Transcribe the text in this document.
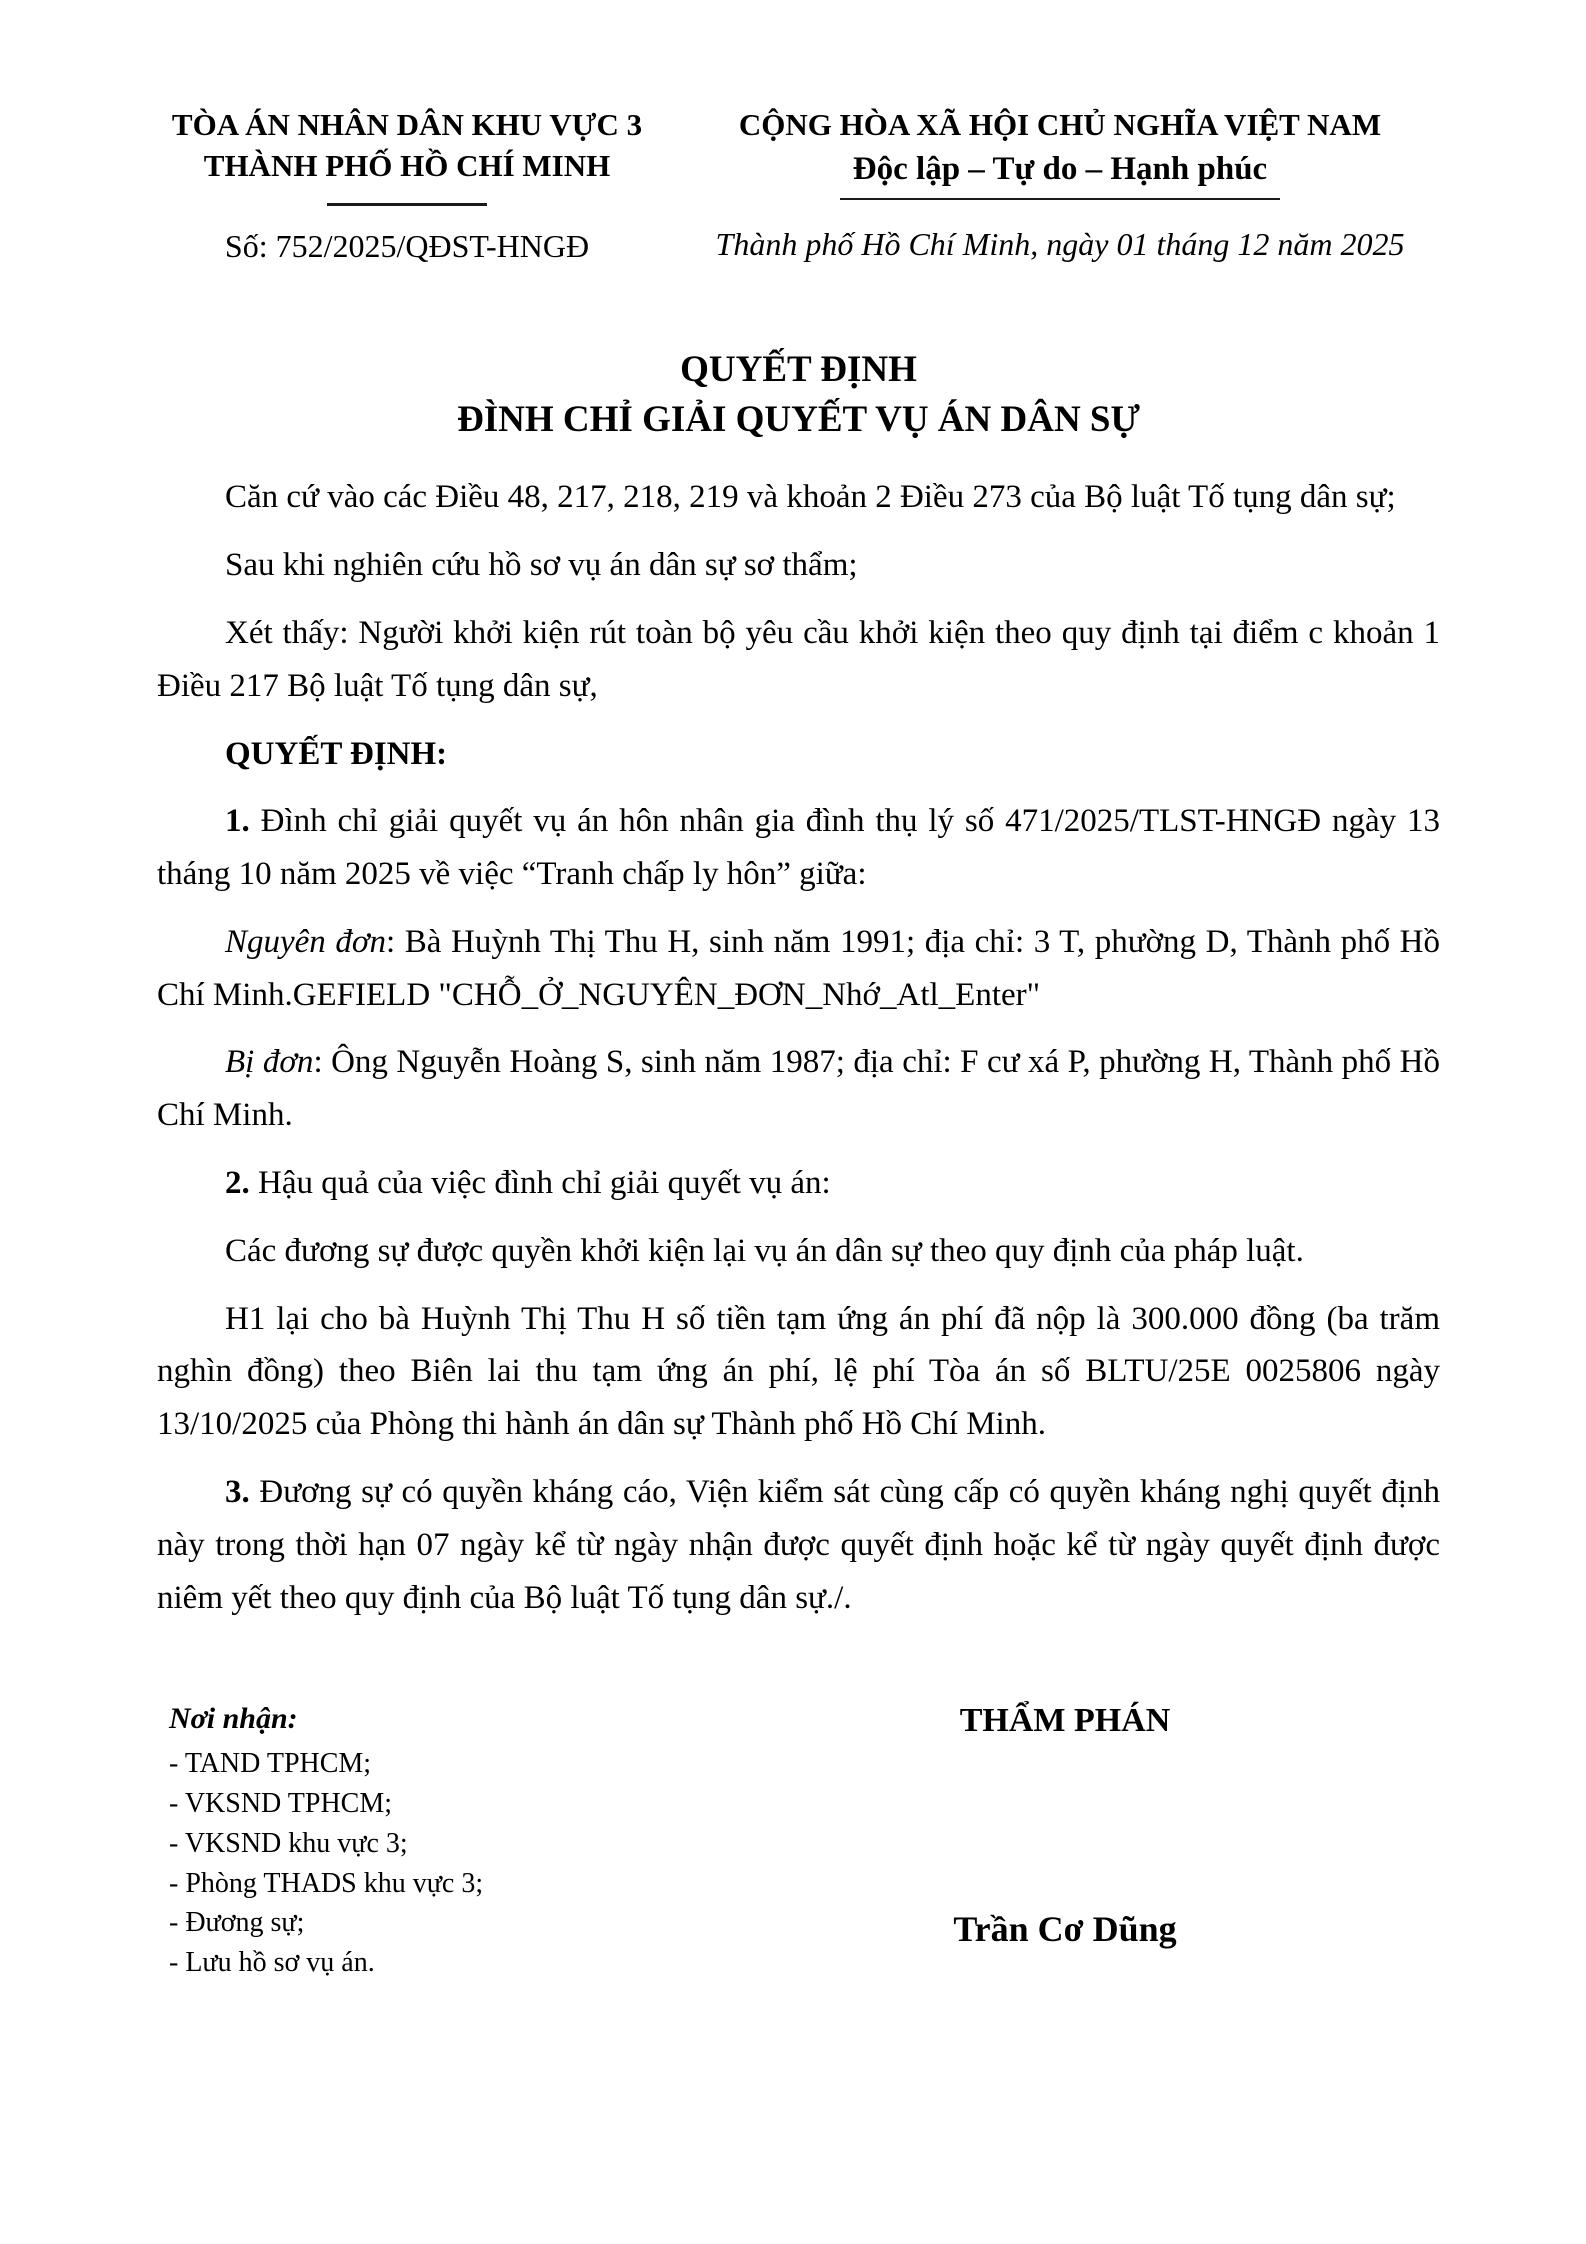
TÒA ÁN NHÂN DÂN KHU VỰC 3
THÀNH PHỐ HỒ CHÍ MINH
Số: 752/2025/QĐST-HNGĐ
CỘNG HÒA XÃ HỘI CHỦ NGHĨA VIỆT NAM
Độc lập – Tự do – Hạnh phúc
Thành phố Hồ Chí Minh, ngày 01 tháng 12 năm 2025
QUYẾT ĐỊNH
ĐÌNH CHỈ GIẢI QUYẾT VỤ ÁN DÂN SỰ

Căn cứ vào các Điều 48, 217, 218, 219 và khoản 2 Điều 273 của Bộ luật Tố tụng dân sự;

Sau khi nghiên cứu hồ sơ vụ án dân sự sơ thẩm;

Xét thấy: Người khởi kiện rút toàn bộ yêu cầu khởi kiện theo quy định tại điểm c khoản 1 Điều 217 Bộ luật Tố tụng dân sự,

QUYẾT ĐỊNH:

1. Đình chỉ giải quyết vụ án hôn nhân gia đình thụ lý số 471/2025/TLST-HNGĐ ngày 13 tháng 10 năm 2025 về việc “Tranh chấp ly hôn” giữa:

Nguyên đơn: Bà Huỳnh Thị Thu H, sinh năm 1991; địa chỉ: 3 T, phường D, Thành phố Hồ Chí Minh.GEFIELD "CHỖ_Ở_NGUYÊN_ĐƠN_Nhớ_Atl_Enter"

Bị đơn: Ông Nguyễn Hoàng S, sinh năm 1987; địa chỉ: F cư xá P, phường H, Thành phố Hồ Chí Minh.

2. Hậu quả của việc đình chỉ giải quyết vụ án:

Các đương sự được quyền khởi kiện lại vụ án dân sự theo quy định của pháp luật.

H1 lại cho bà Huỳnh Thị Thu H số tiền tạm ứng án phí đã nộp là 300.000 đồng (ba trăm nghìn đồng) theo Biên lai thu tạm ứng án phí, lệ phí Tòa án số BLTU/25E 0025806 ngày 13/10/2025 của Phòng thi hành án dân sự Thành phố Hồ Chí Minh.

3. Đương sự có quyền kháng cáo, Viện kiểm sát cùng cấp có quyền kháng nghị quyết định này trong thời hạn 07 ngày kể từ ngày nhận được quyết định hoặc kể từ ngày quyết định được niêm yết theo quy định của Bộ luật Tố tụng dân sự./.

Nơi nhận:
- TAND TPHCM;
- VKSND TPHCM;
- VKSND khu vực 3;
- Phòng THADS khu vực 3;
- Đương sự;
- Lưu hồ sơ vụ án.
THẨM PHÁN
Trần Cơ Dũng
